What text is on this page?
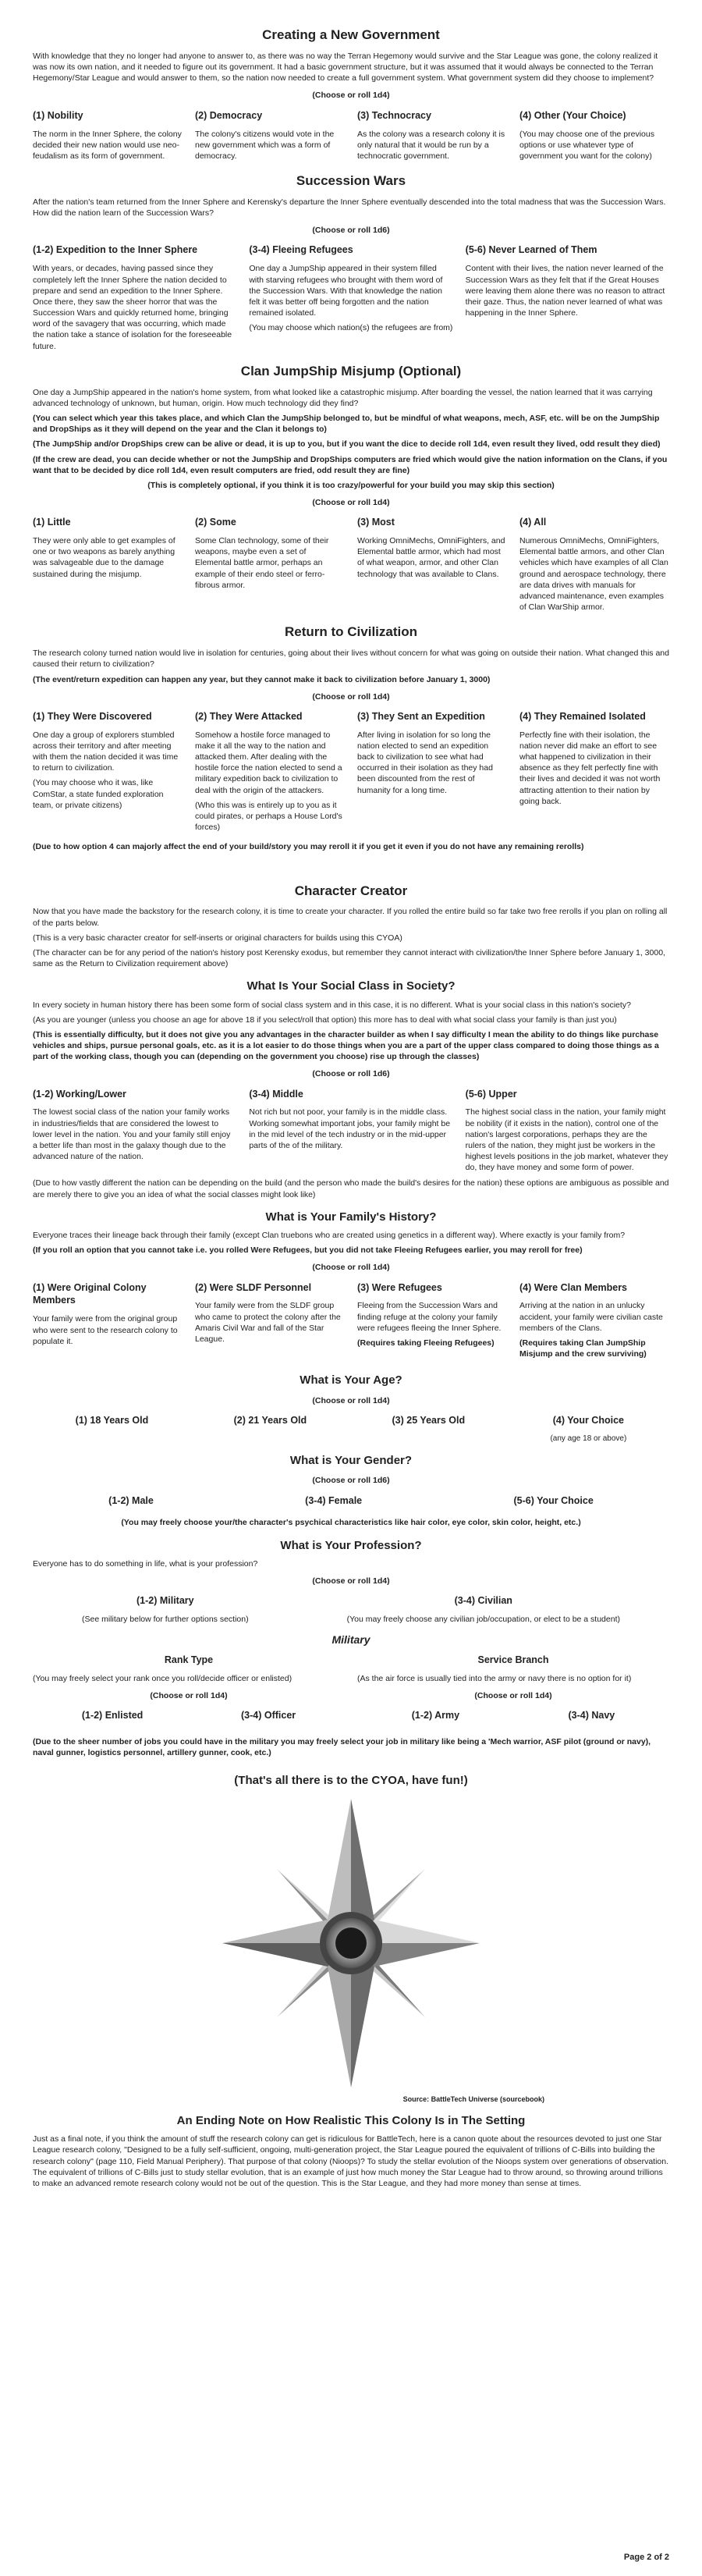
Creating a New Government

With knowledge that they no longer had anyone to answer to, as there was no way the Terran Hegemony would survive and the Star League was gone, the colony realized it was now its own nation, and it needed to figure out its government. It had a basic government structure, but it was assumed that it would always be connected to the Terran Hegemony/Star League and would answer to them, so the nation now needed to create a full government system. What government system did they choose to implement?

(Choose or roll 1d4)
(1) Nobility
The norm in the Inner Sphere, the colony decided their new nation would use neo-feudalism as its form of government.
(2) Democracy
The colony's citizens would vote in the new government which was a form of democracy.
(3) Technocracy
As the colony was a research colony it is only natural that it would be run by a technocratic government.
(4) Other (Your Choice)
(You may choose one of the previous options or use whatever type of government you want for the colony)
Succession Wars

After the nation's team returned from the Inner Sphere and Kerensky's departure the Inner Sphere eventually descended into the total madness that was the Succession Wars. How did the nation learn of the Succession Wars?

(Choose or roll 1d6)
(1-2) Expedition to the Inner Sphere
With years, or decades, having passed since they completely left the Inner Sphere the nation decided to prepare and send an expedition to the Inner Sphere. Once there, they saw the sheer horror that was the Succession Wars and quickly returned home, bringing word of the savagery that was occurring, which made the nation take a stance of isolation for the foreseeable future.
(3-4) Fleeing Refugees
One day a JumpShip appeared in their system filled with starving refugees who brought with them word of the Succession Wars. With that knowledge the nation felt it was better off being forgotten and the nation remained isolated.

(You may choose which nation(s) the refugees are from)

(5-6) Never Learned of Them
Content with their lives, the nation never learned of the Succession Wars as they felt that if the Great Houses were leaving them alone there was no reason to attract their gaze. Thus, the nation never learned of what was happening in the Inner Sphere.
Clan JumpShip Misjump (Optional)

One day a JumpShip appeared in the nation's home system, from what looked like a catastrophic misjump. After boarding the vessel, the nation learned that it was carrying advanced technology of unknown, but human, origin. How much technology did they find?

(You can select which year this takes place, and which Clan the JumpShip belonged to, but be mindful of what weapons, mech, ASF, etc. will be on the JumpShip and DropShips as it they will depend on the year and the Clan it belongs to)

(The JumpShip and/or DropShips crew can be alive or dead, it is up to you, but if you want the dice to decide roll 1d4, even result they lived, odd result they died)

(If the crew are dead, you can decide whether or not the JumpShip and DropShips computers are fried which would give the nation information on the Clans, if you want that to be decided by dice roll 1d4, even result computers are fried, odd result they are fine)

(This is completely optional, if you think it is too crazy/powerful for your build you may skip this section)

(Choose or roll 1d4)
(1) Little
They were only able to get examples of one or two weapons as barely anything was salvageable due to the damage sustained during the misjump.
(2) Some
Some Clan technology, some of their weapons, maybe even a set of Elemental battle armor, perhaps an example of their endo steel or ferro-fibrous armor.
(3) Most
Working OmniMechs, OmniFighters, and Elemental battle armor, which had most of what weapon, armor, and other Clan technology that was available to Clans.
(4) All
Numerous OmniMechs, OmniFighters, Elemental battle armors, and other Clan vehicles which have examples of all Clan ground and aerospace technology, there are data drives with manuals for advanced maintenance, even examples of Clan WarShip armor.
Return to Civilization

The research colony turned nation would live in isolation for centuries, going about their lives without concern for what was going on outside their nation. What changed this and caused their return to civilization?

(The event/return expedition can happen any year, but they cannot make it back to civilization before January 1, 3000)

(Choose or roll 1d4)
(1) They Were Discovered
One day a group of explorers stumbled across their territory and after meeting with them the nation decided it was time to return to civilization.

(You may choose who it was, like ComStar, a state funded exploration team, or private citizens)

(2) They Were Attacked
Somehow a hostile force managed to make it all the way to the nation and attacked them. After dealing with the hostile force the nation elected to send a military expedition back to civilization to deal with the origin of the attackers.

(Who this was is entirely up to you as it could pirates, or perhaps a House Lord's forces)

(3) They Sent an Expedition
After living in isolation for so long the nation elected to send an expedition back to civilization to see what had occurred in their isolation as they had been discounted from the rest of humanity for a long time.
(4) They Remained Isolated
Perfectly fine with their isolation, the nation never did make an effort to see what happened to civilization in their absence as they felt perfectly fine with their lives and decided it was not worth attracting attention to their nation by going back.

(Due to how option 4 can majorly affect the end of your build/story you may reroll it if you get it even if you do not have any remaining rerolls)

Character Creator

Now that you have made the backstory for the research colony, it is time to create your character. If you rolled the entire build so far take two free rerolls if you plan on rolling all of the parts below.

(This is a very basic character creator for self-inserts or original characters for builds using this CYOA)

(The character can be for any period of the nation's history post Kerensky exodus, but remember they cannot interact with civilization/the Inner Sphere before January 1, 3000, same as the Return to Civilization requirement above)

What Is Your Social Class in Society?

In every society in human history there has been some form of social class system and in this case, it is no different. What is your social class in this nation's society?

(As you are younger (unless you choose an age for above 18 if you select/roll that option) this more has to deal with what social class your family is than just you)

(This is essentially difficulty, but it does not give you any advantages in the character builder as when I say difficulty I mean the ability to do things like purchase vehicles and ships, pursue personal goals, etc. as it is a lot easier to do those things when you are a part of the upper class compared to doing those things as a part of the working class, though you can (depending on the government you choose) rise up through the classes)

(Choose or roll 1d6)
(1-2) Working/Lower
The lowest social class of the nation your family works in industries/fields that are considered the lowest to lower level in the nation. You and your family still enjoy a better life than most in the galaxy though due to the advanced nature of the nation.
(3-4) Middle
Not rich but not poor, your family is in the middle class. Working somewhat important jobs, your family might be in the mid level of the tech industry or in the mid-upper parts of the of the military.
(5-6) Upper
The highest social class in the nation, your family might be nobility (if it exists in the nation), control one of the nation's largest corporations, perhaps they are the rulers of the nation, they might just be workers in the highest levels positions in the job market, whatever they do, they have money and some form of power.

(Due to how vastly different the nation can be depending on the build (and the person who made the build's desires for the nation) these options are ambiguous as possible and are merely there to give you an idea of what the social classes might look like)

What is Your Family's History?

Everyone traces their lineage back through their family (except Clan truebons who are created using genetics in a different way). Where exactly is your family from?

(If you roll an option that you cannot take i.e. you rolled Were Refugees, but you did not take Fleeing Refugees earlier, you may reroll for free)

(Choose or roll 1d4)
(1) Were Original Colony Members
Your family were from the original group who were sent to the research colony to populate it.
(2) Were SLDF Personnel
Your family were from the SLDF group who came to protect the colony after the Amaris Civil War and fall of the Star League.
(3) Were Refugees
Fleeing from the Succession Wars and finding refuge at the colony your family were refugees fleeing the Inner Sphere.

(Requires taking Fleeing Refugees)

(4) Were Clan Members
Arriving at the nation in an unlucky accident, your family were civilian caste members of the Clans.

(Requires taking Clan JumpShip Misjump and the crew surviving)

What is Your Age?
(Choose or roll 1d4)
(1) 18 Years Old	(2) 21 Years Old	(3) 25 Years Old	(4) Your Choice
(any age 18 or above)
What is Your Gender?
(Choose or roll 1d6)
(1-2) Male	(3-4) Female	(5-6) Your Choice

(You may freely choose your/the character's psychical characteristics like hair color, eye color, skin color, height, etc.)

What is Your Profession?

Everyone has to do something in life, what is your profession?

(Choose or roll 1d4)
(1-2) Military
(See military below for further options section)
(3-4) Civilian
(You may freely choose any civilian job/occupation, or elect to be a student)
Military
Rank Type
(You may freely select your rank once you roll/decide officer or enlisted)
(Choose or roll 1d4)
(1-2) Enlisted	(3-4) Officer
Service Branch
(As the air force is usually tied into the army or navy there is no option for it)
(Choose or roll 1d4)
(1-2) Army	(3-4) Navy

(Due to the sheer number of jobs you could have in the military you may freely select your job in military like being a 'Mech warrior, ASF pilot (ground or navy), naval gunner, logistics personnel, artillery gunner, cook, etc.)

(That's all there is to the CYOA, have fun!)
Source: BattleTech Universe (sourcebook)
An Ending Note on How Realistic This Colony Is in The Setting

Just as a final note, if you think the amount of stuff the research colony can get is ridiculous for BattleTech, here is a canon quote about the resources devoted to just one Star League research colony, "Designed to be a fully self-sufficient, ongoing, multi-generation project, the Star League poured the equivalent of trillions of C-Bills into building the research colony" (page 110, Field Manual Periphery). That purpose of that colony (Nioops)? To study the stellar evolution of the Nioops system over generations of observation. The equivalent of trillions of C-Bills just to study stellar evolution, that is an example of just how much money the Star League had to throw around, so throwing around trillions to make an advanced remote research colony would not be out of the question. This is the Star League, and they had more money than sense at times.

Page 2 of 2
